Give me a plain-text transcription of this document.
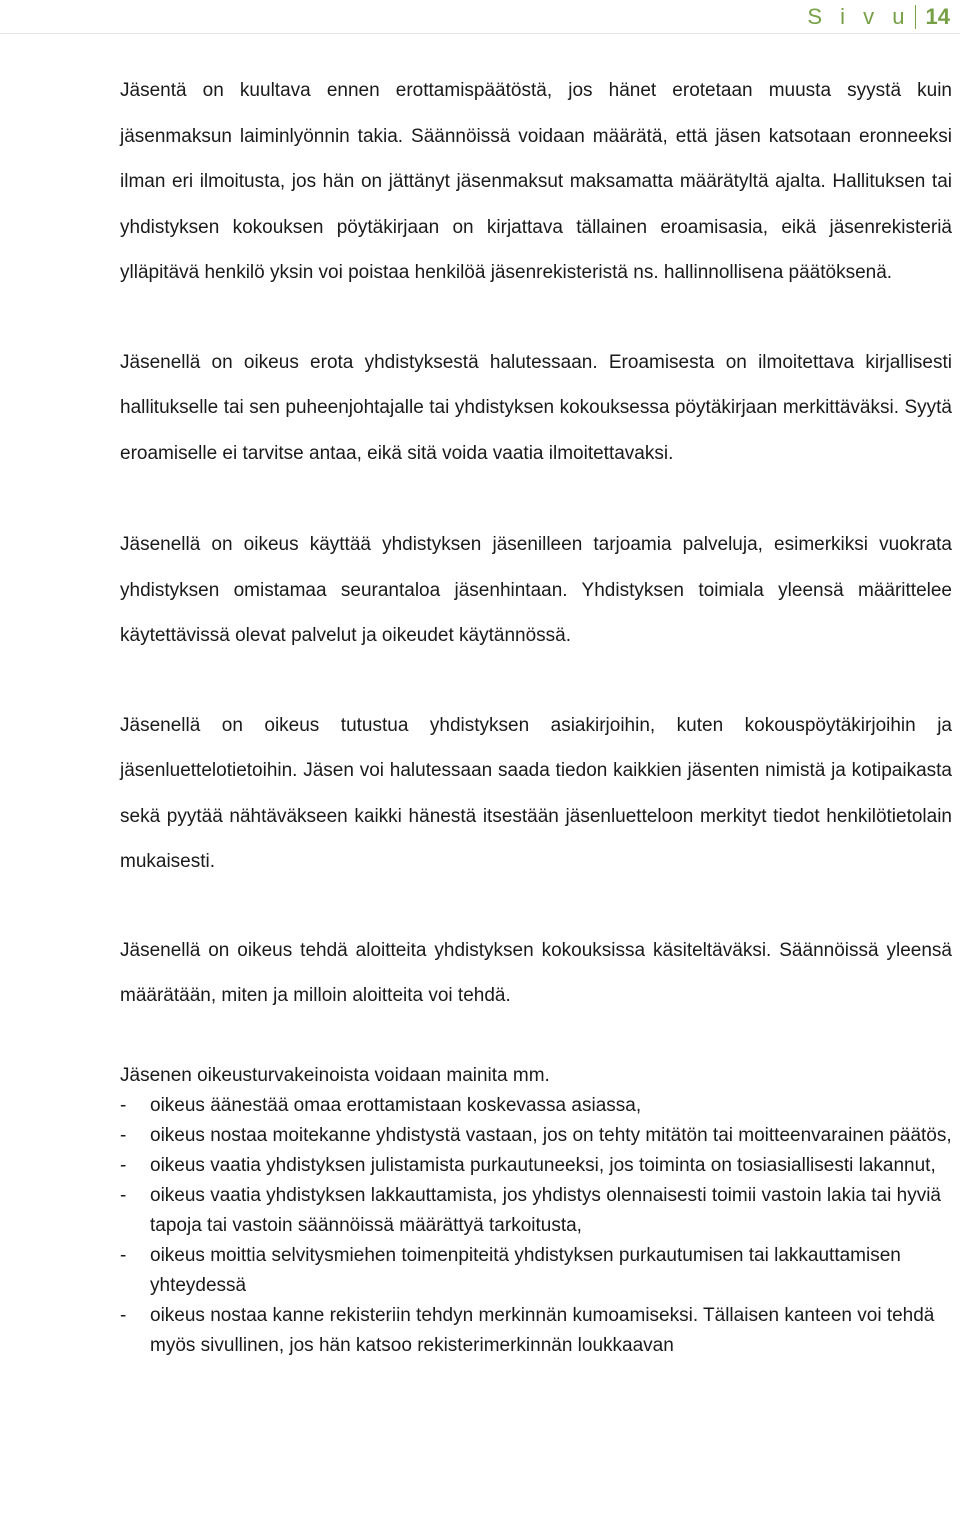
S i v u 14

Jäsentä on kuultava ennen erottamispäätöstä, jos hänet erotetaan muusta syystä kuin jäsenmaksun laiminlyönnin takia. Säännöissä voidaan määrätä, että jäsen katsotaan eronneeksi ilman eri ilmoitusta, jos hän on jättänyt jäsenmaksut maksamatta määrätyltä ajalta. Hallituksen tai yhdistyksen kokouksen pöytäkirjaan on kirjattava tällainen eroamisasia, eikä jäsenrekisteriä ylläpitävä henkilö yksin voi poistaa henkilöä jäsenrekisteristä ns. hallinnollisena päätöksenä.

Jäsenellä on oikeus erota yhdistyksestä halutessaan. Eroamisesta on ilmoitettava kirjallisesti hallitukselle tai sen puheenjohtajalle tai yhdistyksen kokouksessa pöytäkirjaan merkittäväksi. Syytä eroamiselle ei tarvitse antaa, eikä sitä voida vaatia ilmoitettavaksi.

Jäsenellä on oikeus käyttää yhdistyksen jäsenilleen tarjoamia palveluja, esimerkiksi vuokrata yhdistyksen omistamaa seurantaloa jäsenhintaan. Yhdistyksen toimiala yleensä määrittelee käytettävissä olevat palvelut ja oikeudet käytännössä.

Jäsenellä on oikeus tutustua yhdistyksen asiakirjoihin, kuten kokouspöytäkirjoihin ja jäsenluettelotietoihin. Jäsen voi halutessaan saada tiedon kaikkien jäsenten nimistä ja kotipaikasta sekä pyytää nähtäväkseen kaikki hänestä itsestään jäsenluetteloon merkityt tiedot henkilötietolain mukaisesti.

Jäsenellä on oikeus tehdä aloitteita yhdistyksen kokouksissa käsiteltäväksi. Säännöissä yleensä määrätään, miten ja milloin aloitteita voi tehdä.

Jäsenen oikeusturvakeinoista voidaan mainita mm.

- oikeus äänestää omaa erottamistaan koskevassa asiassa,
- oikeus nostaa moitekanne yhdistystä vastaan, jos on tehty mitätön tai moitteenvarainen päätös,
- oikeus vaatia yhdistyksen julistamista purkautuneeksi, jos toiminta on tosiasiallisesti lakannut,
- oikeus vaatia yhdistyksen lakkauttamista, jos yhdistys olennaisesti toimii vastoin lakia tai hyviä tapoja tai vastoin säännöissä määrättyä tarkoitusta,
- oikeus moittia selvitysmiehen toimenpiteitä yhdistyksen purkautumisen tai lakkauttamisen yhteydessä
- oikeus nostaa kanne rekisteriin tehdyn merkinnän kumoamiseksi. Tällaisen kanteen voi tehdä myös sivullinen, jos hän katsoo rekisterimerkinnän loukkaavan
